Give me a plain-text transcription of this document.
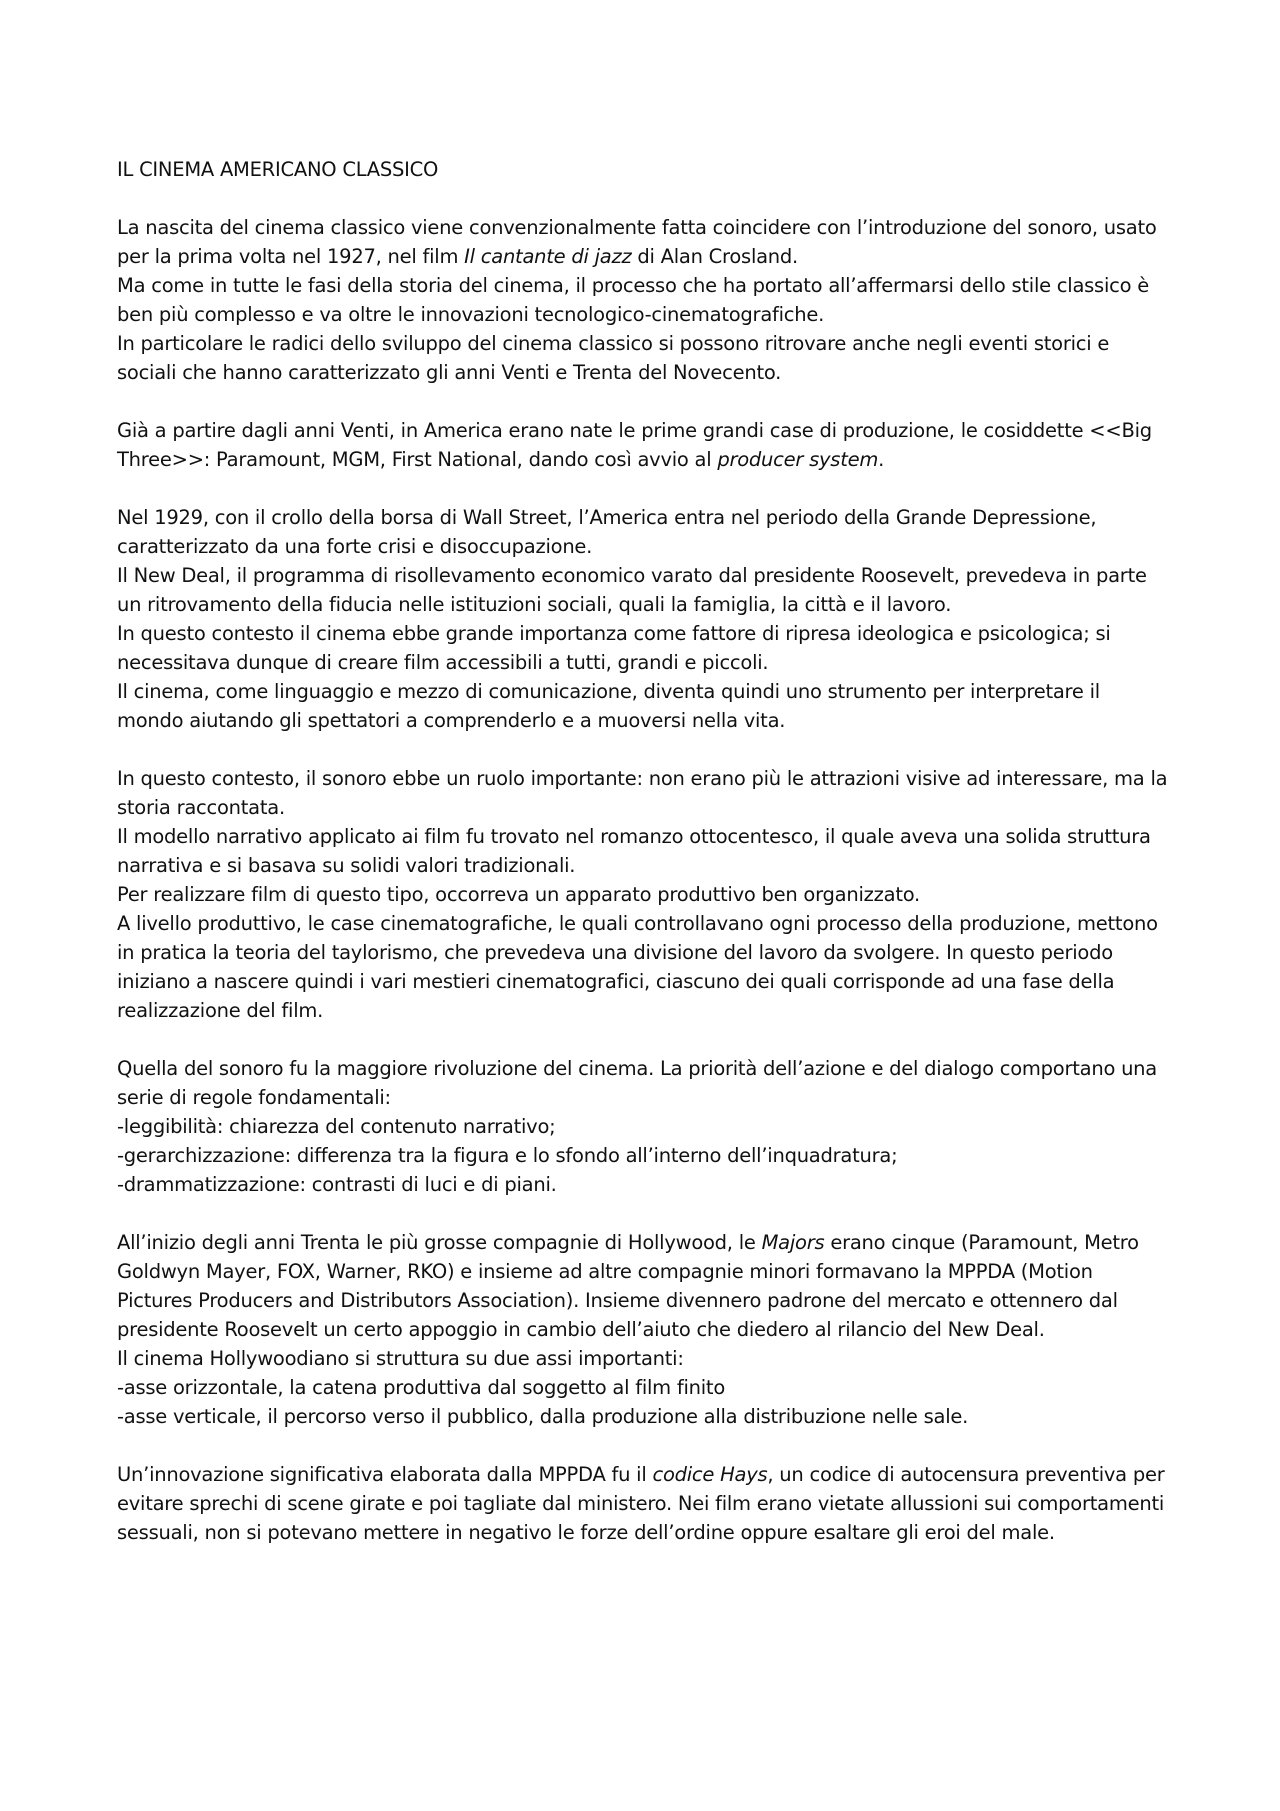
IL CINEMA AMERICANO CLASSICO

La nascita del cinema classico viene convenzionalmente fatta coincidere con l’introduzione del sonoro, usato per la prima volta nel 1927, nel film Il cantante di jazz di Alan Crosland.
Ma come in tutte le fasi della storia del cinema, il processo che ha portato all’affermarsi dello stile classico è ben più complesso e va oltre le innovazioni tecnologico-cinematografiche.
In particolare le radici dello sviluppo del cinema classico si possono ritrovare anche negli eventi storici e sociali che hanno caratterizzato gli anni Venti e Trenta del Novecento.
Già a partire dagli anni Venti, in America erano nate le prime grandi case di produzione, le cosiddette <<Big Three>>: Paramount, MGM, First National, dando così avvio al producer system.
Nel 1929, con il crollo della borsa di Wall Street, l’America entra nel periodo della Grande Depressione, caratterizzato da una forte crisi e disoccupazione.
Il New Deal, il programma di risollevamento economico varato dal presidente Roosevelt, prevedeva in parte un ritrovamento della fiducia nelle istituzioni sociali, quali la famiglia, la città e il lavoro.
In questo contesto il cinema ebbe grande importanza come fattore di ripresa ideologica e psicologica; si necessitava dunque di creare film accessibili a tutti, grandi e piccoli.
Il cinema, come linguaggio e mezzo di comunicazione, diventa quindi uno strumento per interpretare il mondo aiutando gli spettatori a comprenderlo e a muoversi nella vita.
In questo contesto, il sonoro ebbe un ruolo importante: non erano più le attrazioni visive ad interessare, ma la storia raccontata.
Il modello narrativo applicato ai film fu trovato nel romanzo ottocentesco, il quale aveva una solida struttura narrativa e si basava su solidi valori tradizionali.
Per realizzare film di questo tipo, occorreva un apparato produttivo ben organizzato.
A livello produttivo, le case cinematografiche, le quali controllavano ogni processo della produzione, mettono in pratica la teoria del taylorismo, che prevedeva una divisione del lavoro da svolgere. In questo periodo iniziano a nascere quindi i vari mestieri cinematografici, ciascuno dei quali corrisponde ad una fase della realizzazione del film.
Quella del sonoro fu la maggiore rivoluzione del cinema. La priorità dell’azione e del dialogo comportano una serie di regole fondamentali:
-leggibilità: chiarezza del contenuto narrativo;
-gerarchizzazione: differenza tra la figura e lo sfondo all’interno dell’inquadratura;
-drammatizzazione: contrasti di luci e di piani.
All’inizio degli anni Trenta le più grosse compagnie di Hollywood, le Majors erano cinque (Paramount, Metro Goldwyn Mayer, FOX, Warner, RKO) e insieme ad altre compagnie minori formavano la MPPDA (Motion Pictures Producers and Distributors Association). Insieme divennero padrone del mercato e ottennero dal presidente Roosevelt un certo appoggio in cambio dell’aiuto che diedero al rilancio del New Deal.
Il cinema Hollywoodiano si struttura su due assi importanti:
-asse orizzontale, la catena produttiva dal soggetto al film finito
-asse verticale, il percorso verso il pubblico, dalla produzione alla distribuzione nelle sale.
Un’innovazione significativa elaborata dalla MPPDA fu il codice Hays, un codice di autocensura preventiva per evitare sprechi di scene girate e poi tagliate dal ministero. Nei film erano vietate allussioni sui comportamenti sessuali, non si potevano mettere in negativo le forze dell’ordine oppure esaltare gli eroi del male.
